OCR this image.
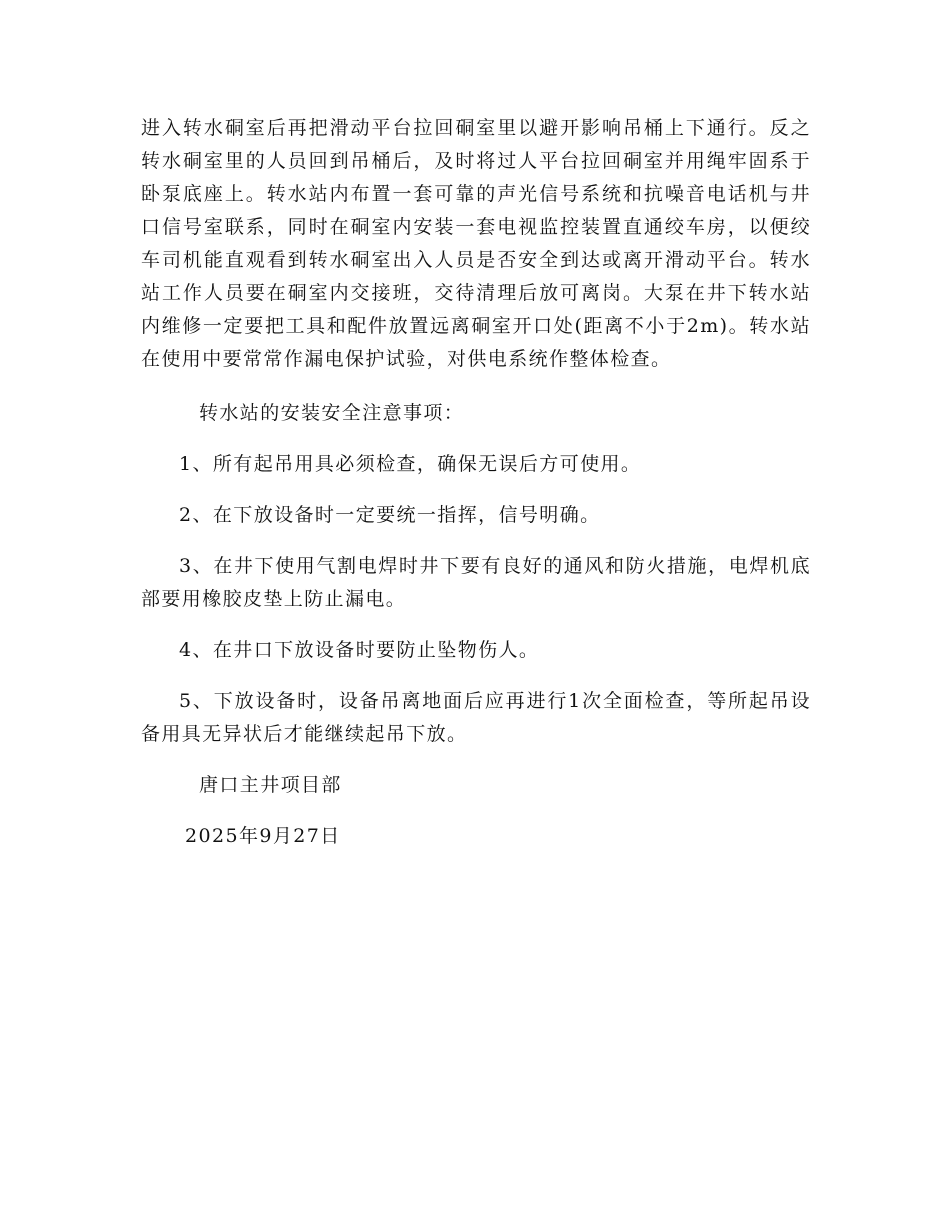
进入转水硐室后再把滑动平台拉回硐室里以避开影响吊桶上下通行。反之转水硐室里的人员回到吊桶后，及时将过人平台拉回硐室并用绳牢固系于卧泵底座上。转水站内布置一套可靠的声光信号系统和抗噪音电话机与井口信号室联系，同时在硐室内安装一套电视监控装置直通绞车房，以便绞车司机能直观看到转水硐室出入人员是否安全到达或离开滑动平台。转水站工作人员要在硐室内交接班，交待清理后放可离岗。大泵在井下转水站内维修一定要把工具和配件放置远离硐室开口处(距离不小于2m)。转水站在使用中要常常作漏电保护试验，对供电系统作整体检查。

转水站的安装安全注意事项：

1、所有起吊用具必须检查，确保无误后方可使用。

2、在下放设备时一定要统一指挥，信号明确。

3、在井下使用气割电焊时井下要有良好的通风和防火措施，电焊机底部要用橡胶皮垫上防止漏电。

4、在井口下放设备时要防止坠物伤人。

5、下放设备时，设备吊离地面后应再进行1次全面检查，等所起吊设备用具无异状后才能继续起吊下放。

唐口主井项目部

2025年9月27日
